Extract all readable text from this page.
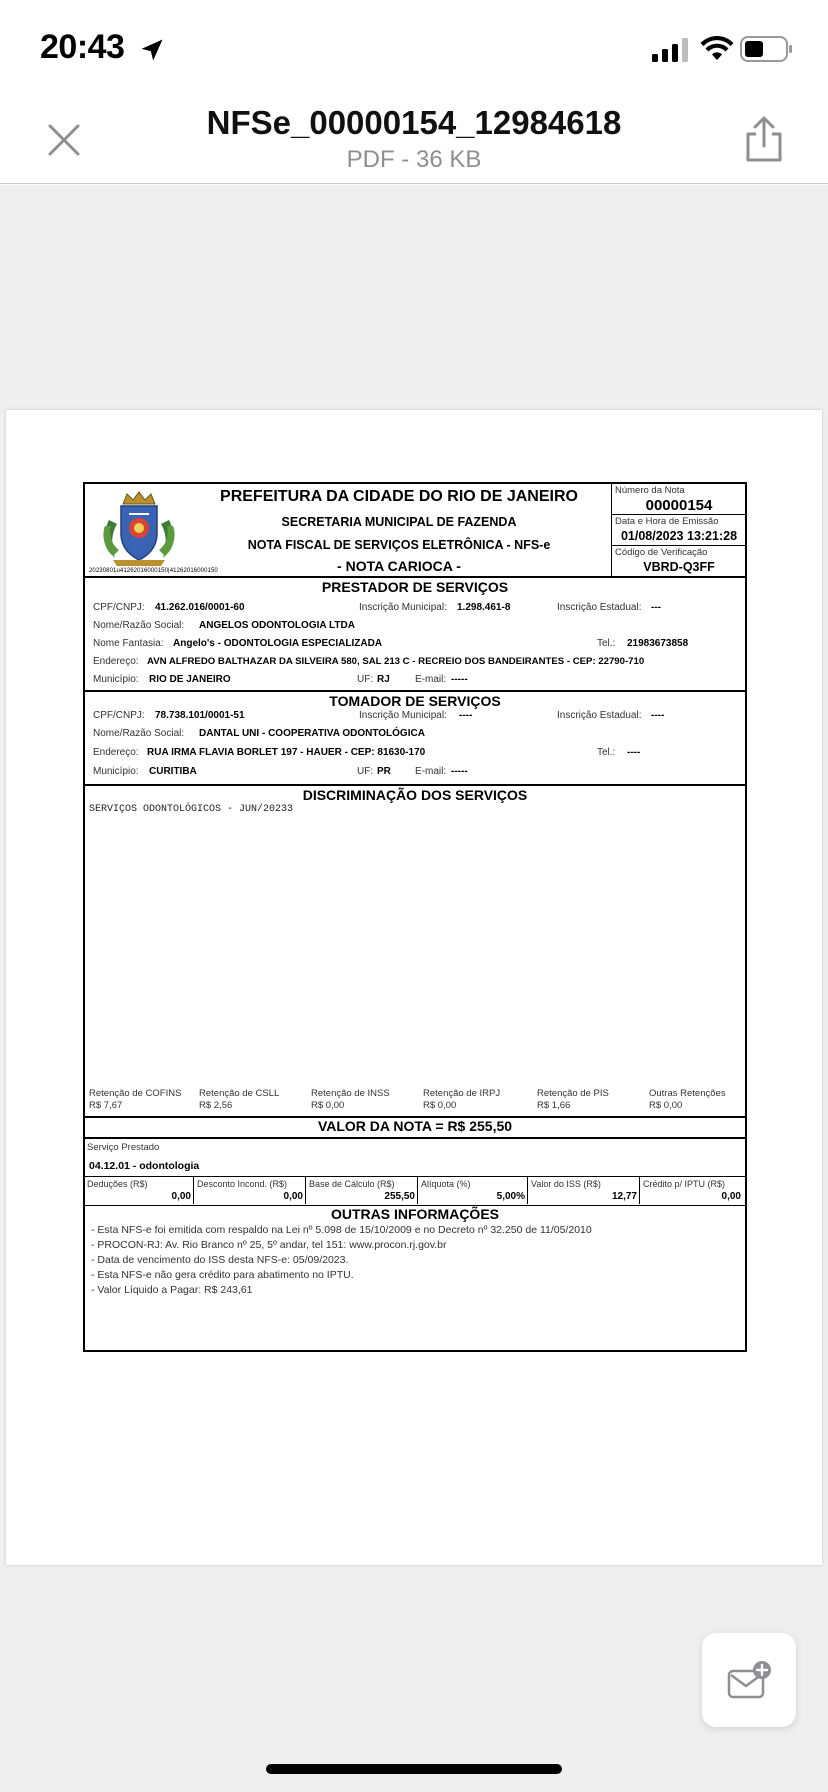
20:43
NFSe_00000154_12984618
PDF - 36 KB
20230801u41262016000150|41262016000150
PREFEITURA DA CIDADE DO RIO DE JANEIRO
SECRETARIA MUNICIPAL DE FAZENDA
NOTA FISCAL DE SERVIÇOS ELETRÔNICA - NFS-e
- NOTA CARIOCA -
Número da Nota
00000154
Data e Hora de Emissão
01/08/2023 13:21:28
Código de Verificação
VBRD-Q3FF
PRESTADOR DE SERVIÇOS
CPF/CNPJ: 41.262.016/0001-60	Inscrição Municipal: 1.298.461-8	Inscrição Estadual: ---
Nome/Razão Social: ANGELOS ODONTOLOGIA LTDA
Nome Fantasia: Angelo's - ODONTOLOGIA ESPECIALIZADA	Tel.: 21983673858
Endereço: AVN ALFREDO BALTHAZAR DA SILVEIRA 580, SAL 213 C - RECREIO DOS BANDEIRANTES - CEP: 22790-710
Município: RIO DE JANEIRO	UF: RJ	E-mail: -----
TOMADOR DE SERVIÇOS
CPF/CNPJ: 78.738.101/0001-51	Inscrição Municipal: ----	Inscrição Estadual: ----
Nome/Razão Social: DANTAL UNI - COOPERATIVA ODONTOLÓGICA
Endereço: RUA IRMA FLAVIA BORLET 197 - HAUER - CEP: 81630-170	Tel.: ----
Município: CURITIBA	UF: PR E-mail: -----
DISCRIMINAÇÃO DOS SERVIÇOS
SERVIÇOS ODONTOLÓGICOS - JUN/20233
Retenção de COFINS
R$ 7,67
Retenção de CSLL
R$ 2,56
Retenção de INSS
R$ 0,00
Retenção de IRPJ
R$ 0,00
Retenção de PIS
R$ 1,66
Outras Retenções
R$ 0,00
VALOR DA NOTA = R$ 255,50
Serviço Prestado
04.12.01 - odontologia
Deduções (R$)
0,00
Desconto Incond. (R$)
0,00
Base de Cálculo (R$)
255,50
Alíquota (%)
5,00%
Valor do ISS (R$)
12,77
Crédito p/ IPTU (R$)
0,00
OUTRAS INFORMAÇÕES
- Esta NFS-e foi emitida com respaldo na Lei nº 5.098 de 15/10/2009 e no Decreto nº 32.250 de 11/05/2010
- PROCON-RJ: Av. Rio Branco nº 25, 5º andar, tel 151: www.procon.rj.gov.br
- Data de vencimento do ISS desta NFS-e: 05/09/2023.
- Esta NFS-e não gera crédito para abatimento no IPTU.
- Valor Líquido a Pagar: R$ 243,61
